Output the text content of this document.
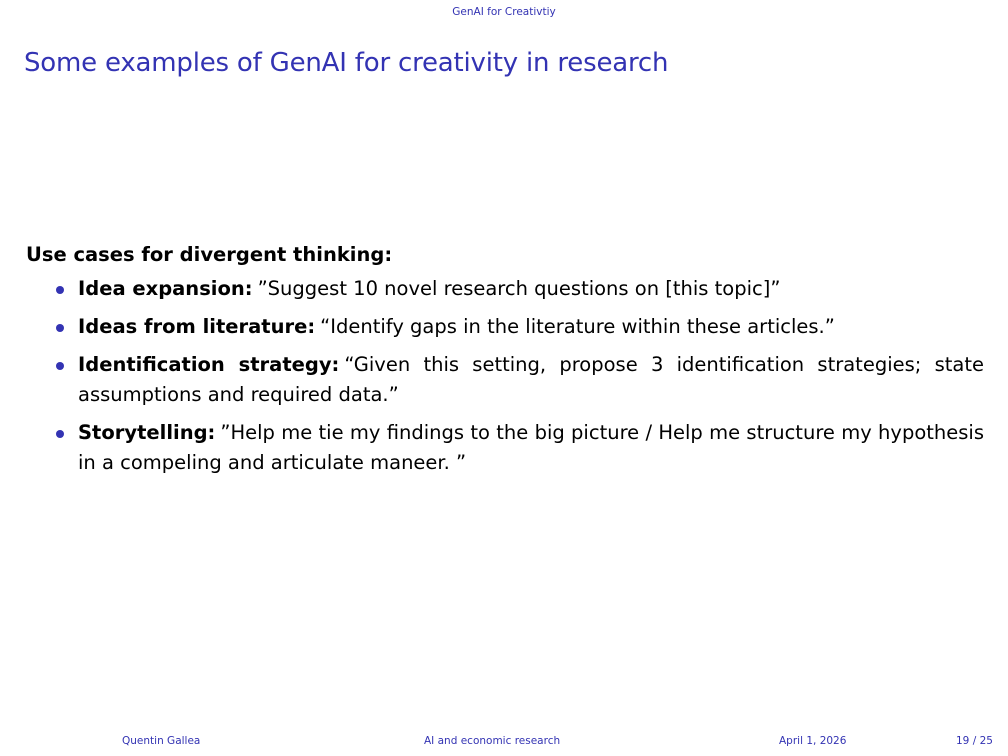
GenAI for Creativtiy
Some examples of GenAI for creativity in research
Use cases for divergent thinking:
Idea expansion: ”Suggest 10 novel research questions on [this topic]”
Ideas from literature: “Identify gaps in the literature within these articles.”
Identification strategy: “Given this setting, propose 3 identification strategies; state assumptions and required data.”
Storytelling: ”Help me tie my findings to the big picture / Help me structure my hypothesis in a compeling and articulate maneer. ”
Quentin Gallea	AI and economic research	April 1, 2026	19 / 25
